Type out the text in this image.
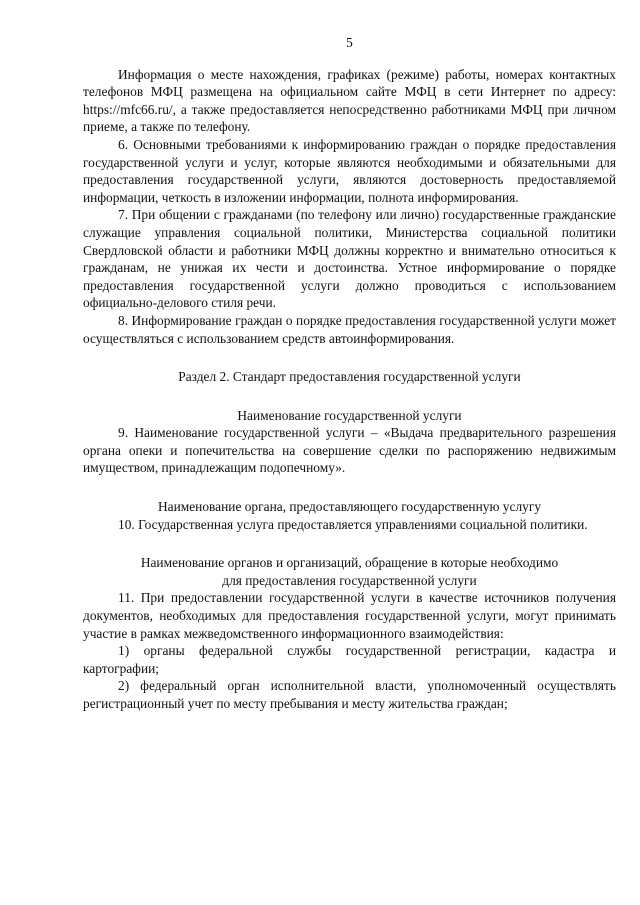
5

Информация о месте нахождения, графиках (режиме) работы, номерах контактных телефонов МФЦ размещена на официальном сайте МФЦ в сети Интернет по адресу: https://mfc66.ru/, а также предоставляется непосредственно работниками МФЦ при личном приеме, а также по телефону.

6. Основными требованиями к информированию граждан о порядке предоставления государственной услуги и услуг, которые являются необходимыми и обязательными для предоставления государственной услуги, являются достоверность предоставляемой информации, четкость в изложении информации, полнота информирования.

7. При общении с гражданами (по телефону или лично) государственные гражданские служащие управления социальной политики, Министерства социальной политики Свердловской области и работники МФЦ должны корректно и внимательно относиться к гражданам, не унижая их чести и достоинства. Устное информирование о порядке предоставления государственной услуги должно проводиться с использованием официально-делового стиля речи.

8. Информирование граждан о порядке предоставления государственной услуги может осуществляться с использованием средств автоинформирования.

Раздел 2. Стандарт предоставления государственной услуги
Наименование государственной услуги

9. Наименование государственной услуги – «Выдача предварительного разрешения органа опеки и попечительства на совершение сделки по распоряжению недвижимым имуществом, принадлежащим подопечному».

Наименование органа, предоставляющего государственную услугу

10. Государственная услуга предоставляется управлениями социальной политики.

Наименование органов и организаций, обращение в которые необходимо
для предоставления государственной услуги

11. При предоставлении государственной услуги в качестве источников получения документов, необходимых для предоставления государственной услуги, могут принимать участие в рамках межведомственного информационного взаимодействия:

1) органы федеральной службы государственной регистрации, кадастра и картографии;

2) федеральный орган исполнительной власти, уполномоченный осуществлять регистрационный учет по месту пребывания и месту жительства граждан;
